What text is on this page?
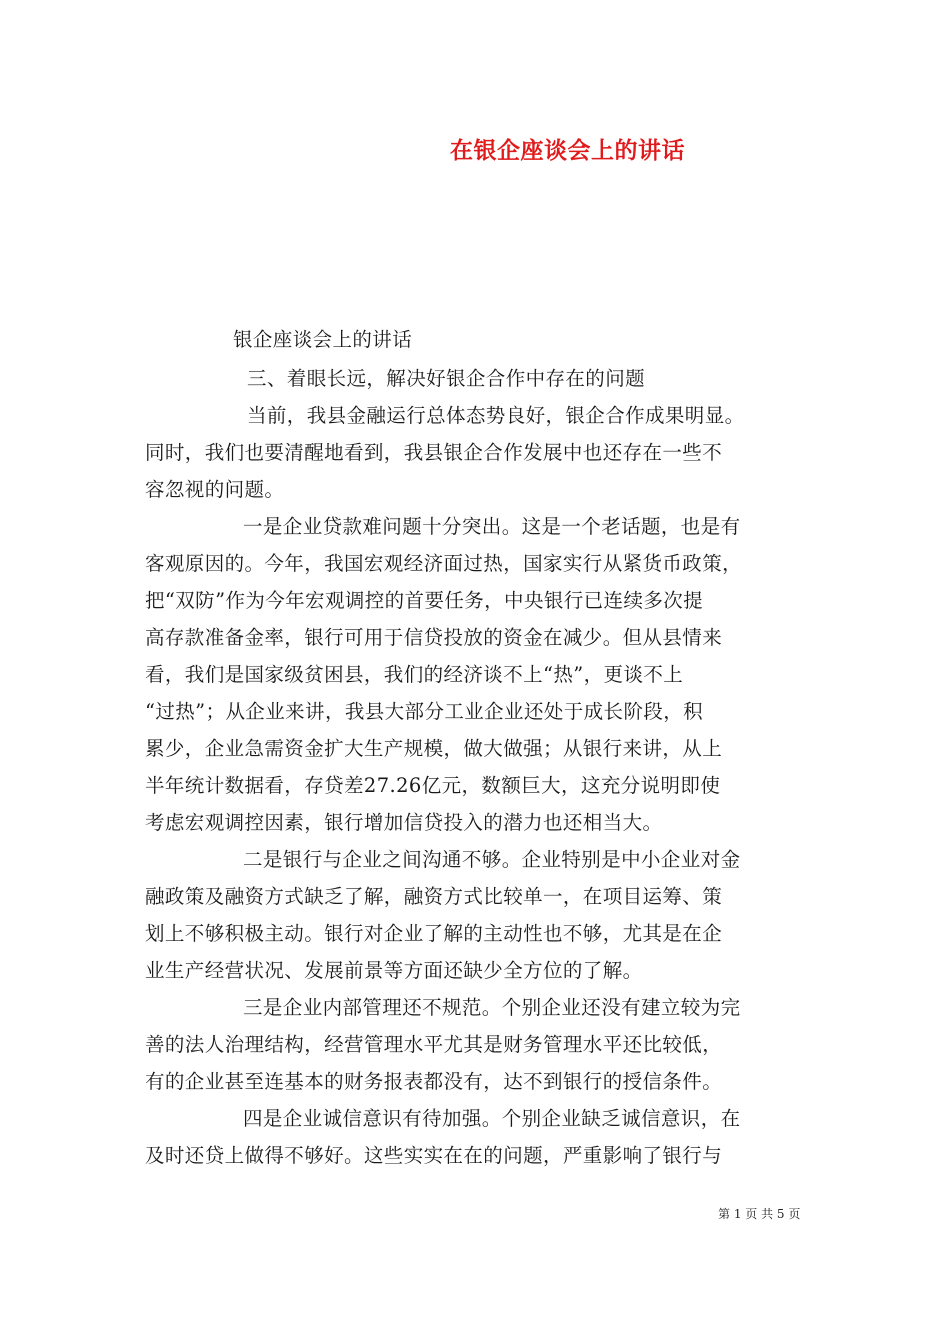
在银企座谈会上的讲话
银企座谈会上的讲话
三、着眼长远，解决好银企合作中存在的问题
当前，我县金融运行总体态势良好，银企合作成果明显。
同时，我们也要清醒地看到，我县银企合作发展中也还存在一些不
容忽视的问题。
一是企业贷款难问题十分突出。这是一个老话题，也是有
客观原因的。今年，我国宏观经济面过热，国家实行从紧货币政策，
把“双防”作为今年宏观调控的首要任务，中央银行已连续多次提
高存款准备金率，银行可用于信贷投放的资金在减少。但从县情来
看，我们是国家级贫困县，我们的经济谈不上“热”，更谈不上
“过热”；从企业来讲，我县大部分工业企业还处于成长阶段，积
累少，企业急需资金扩大生产规模，做大做强；从银行来讲，从上
半年统计数据看，存贷差27.26亿元，数额巨大，这充分说明即使
考虑宏观调控因素，银行增加信贷投入的潜力也还相当大。
二是银行与企业之间沟通不够。企业特别是中小企业对金
融政策及融资方式缺乏了解，融资方式比较单一，在项目运筹、策
划上不够积极主动。银行对企业了解的主动性也不够，尤其是在企
业生产经营状况、发展前景等方面还缺少全方位的了解。
三是企业内部管理还不规范。个别企业还没有建立较为完
善的法人治理结构，经营管理水平尤其是财务管理水平还比较低，
有的企业甚至连基本的财务报表都没有，达不到银行的授信条件。
四是企业诚信意识有待加强。个别企业缺乏诚信意识，在
及时还贷上做得不够好。这些实实在在的问题，严重影响了银行与
第 1 页 共 5 页
